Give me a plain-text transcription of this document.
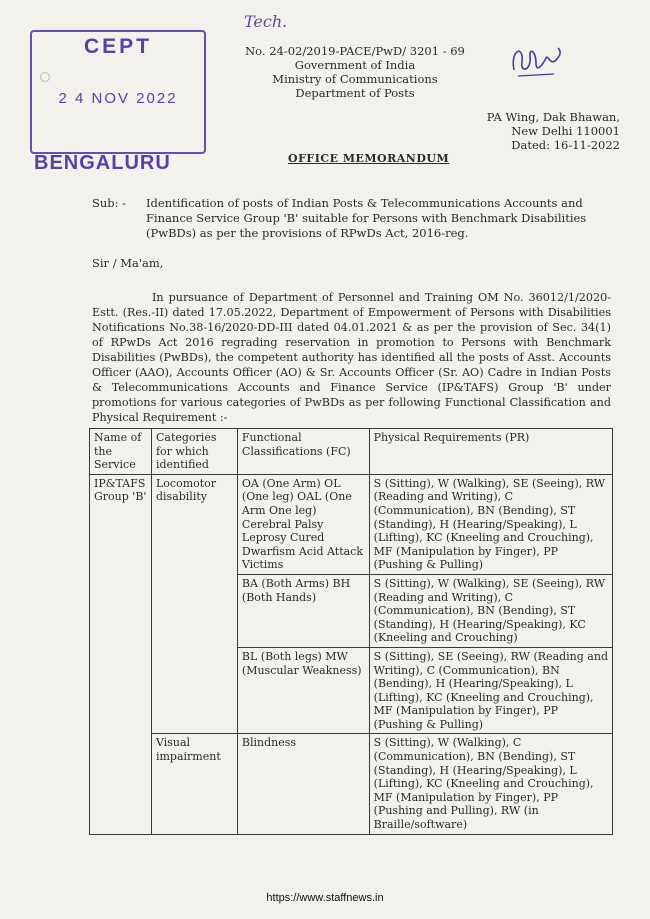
CEPT
2 4 NOV 2022
BENGALURU
Tech.
No. 24-02/2019-PACE/PwD/ 3201 - 69
Government of India
Ministry of Communications
Department of Posts
PA Wing, Dak Bhawan,
New Delhi 110001
Dated: 16-11-2022
OFFICE MEMORANDUM
Sub: - Identification of posts of Indian Posts & Telecommunications Accounts and Finance Service Group 'B' suitable for Persons with Benchmark Disabilities (PwBDs) as per the provisions of RPwDs Act, 2016-reg.
Sir / Ma'am,
In pursuance of Department of Personnel and Training OM No. 36012/1/2020-Estt. (Res.-II) dated 17.05.2022, Department of Empowerment of Persons with Disabilities Notifications No.38-16/2020-DD-III dated 04.01.2021 & as per the provision of Sec. 34(1) of RPwDs Act 2016 regrading reservation in promotion to Persons with Benchmark Disabilities (PwBDs), the competent authority has identified all the posts of Asst. Accounts Officer (AAO), Accounts Officer (AO) & Sr. Accounts Officer (Sr. AO) Cadre in Indian Posts & Telecommunications Accounts and Finance Service (IP&TAFS) Group 'B' under promotions for various categories of PwBDs as per following Functional Classification and Physical Requirement :-
Name of the Service	Categories for which identified	Functional Classifications (FC)	Physical Requirements (PR)
IP&TAFS Group 'B'	Locomotor disability	OA (One Arm) OL (One leg) OAL (One Arm One leg) Cerebral Palsy Leprosy Cured Dwarfism Acid Attack Victims	S (Sitting), W (Walking), SE (Seeing), RW (Reading and Writing), C (Communication), BN (Bending), ST (Standing), H (Hearing/Speaking), L (Lifting), KC (Kneeling and Crouching), MF (Manipulation by Finger), PP (Pushing & Pulling)
		BA (Both Arms) BH (Both Hands)	S (Sitting), W (Walking), SE (Seeing), RW (Reading and Writing), C (Communication), BN (Bending), ST (Standing), H (Hearing/Speaking), KC (Kneeling and Crouching)
		BL (Both legs) MW (Muscular Weakness)	S (Sitting), SE (Seeing), RW (Reading and Writing), C (Communication), BN (Bending), H (Hearing/Speaking), L (Lifting), KC (Kneeling and Crouching), MF (Manipulation by Finger), PP (Pushing & Pulling)
	Visual impairment	Blindness	S (Sitting), W (Walking), C (Communication), BN (Bending), ST (Standing), H (Hearing/Speaking), L (Lifting), KC (Kneeling and Crouching), MF (Manipulation by Finger), PP (Pushing and Pulling), RW (in Braille/software)
https://www.staffnews.in
